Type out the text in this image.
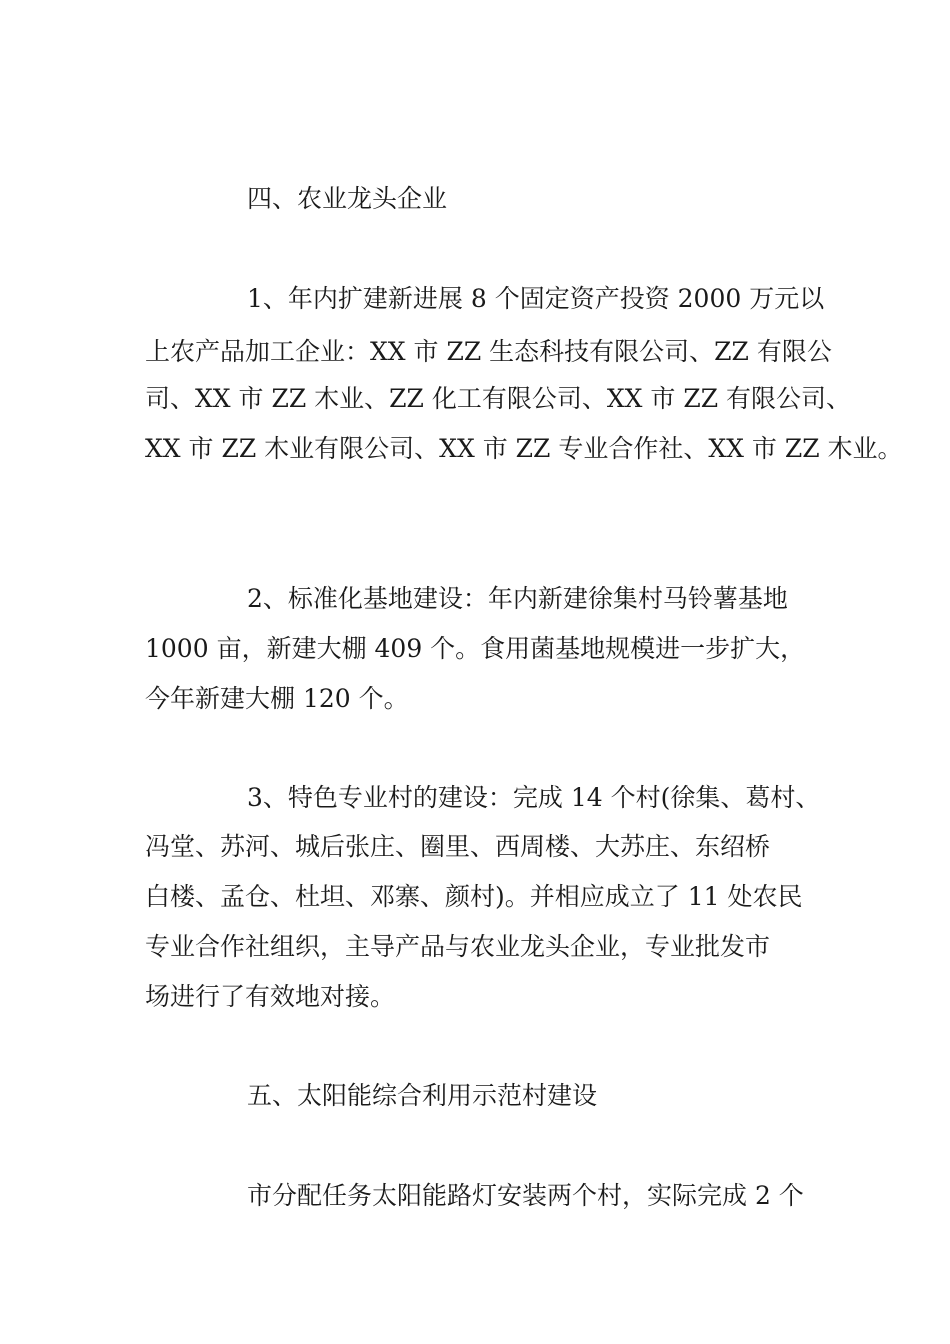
四、农业龙头企业
1、年内扩建新进展 8 个固定资产投资 2000 万元以
上农产品加工企业：XX 市 ZZ 生态科技有限公司、ZZ 有限公
司、XX 市 ZZ 木业、ZZ 化工有限公司、XX 市 ZZ 有限公司、
XX 市 ZZ 木业有限公司、XX 市 ZZ 专业合作社、XX 市 ZZ 木业。
2、标准化基地建设：年内新建徐集村马铃薯基地
1000 亩，新建大棚 409 个。食用菌基地规模进一步扩大，
今年新建大棚 120 个。
3、特色专业村的建设：完成 14 个村(徐集、葛村、
冯堂、苏河、城后张庄、圈里、西周楼、大苏庄、东绍桥
白楼、孟仓、杜坦、邓寨、颜村)。并相应成立了 11 处农民
专业合作社组织，主导产品与农业龙头企业，专业批发市
场进行了有效地对接。
五、太阳能综合利用示范村建设
市分配任务太阳能路灯安装两个村，实际完成 2 个
